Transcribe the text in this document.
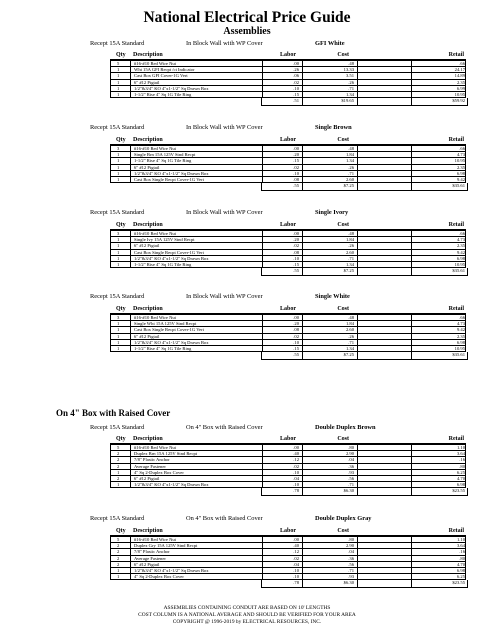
National Electrical Price Guide
Assemblies
On 4" Box with Raised Cover
Recept 15A Standard	In Block Wall with WP Cover	GFI White
Qty Description	Labor	Cost	Retail
5	#16-#10 Red Wire Nut	.00	.48	.66
1	Wht 15A GFI Recpt /ct Indicator	.26	13.33	24.17
1	Cast Box GFI Cover-1G Vert	.06	3.51	14.89
1	6" #12 Pigtail	.02	.26	2.35
1	1/2"&3/4" KO 4"x1-1/2" Sq Drawn Box	.10	.71	6.99
1	1-1/2" Rise 4" Sq 1G Tile Ring	.15	1.34	10.95
.51	$19.65	$59.92
Recept 15A Standard	In Block Wall with WP Cover	Single Brown
Qty Description	Labor	Cost	Retail
3	#16-#10 Red Wire Nut	.00	.48	.66
1	Single Brn 15A 125V Stnd Recpt	.20	1.84	4.73
1	1-1/2" Rise 4" Sq 1G Tile Ring	.15	1.34	10.95
1	6" #12 Pigtail	.02	.26	2.35
1	1/2"&3/4" KO 4"x1-1/2" Sq Drawn Box	.10	.71	6.98
1	Cast Box Single Recpt Cover-1G Vert	.08	2.60	9.42
.55	$7.25	$35.61
Recept 15A Standard	In Block Wall with WP Cover	Single Ivory
Qty Description	Labor	Cost	Retail
3	#16-#10 Red Wire Nut	.00	.48	.66
1	Single Ivy 15A 125V Stnd Recpt	.20	1.84	4.73
1	6" #12 Pigtail	.02	.26	2.35
1	Cast Box Single Recpt Cover-1G Vert	.08	2.60	9.42
1	1/2"&3/4" KO 4"x1-1/2" Sq Drawn Box	.10	.71	6.98
1	1-1/2" Rise 4" Sq 1G Tile Ring	.15	1.34	10.95
.55	$7.25	$35.61
Recept 15A Standard	In Block Wall with WP Cover	Single White
Qty Description	Labor	Cost	Retail
3	#16-#10 Red Wire Nut	.00	.48	.66
1	Single Wht 15A 125V Stnd Recpt	.20	1.84	4.73
1	Cast Box Single Recpt Cover-1G Vert	.08	2.60	9.42
1	6" #12 Pigtail	.02	.26	2.35
1	1/2"&3/4" KO 4"x1-1/2" Sq Drawn Box	.10	.71	6.98
1	1-1/2" Rise 4" Sq 1G Tile Ring	.15	1.34	10.95
.55	$7.25	$35.61
Recept 15A Standard	On 4" Box with Raised Cover	Double Duplex Brown
Qty Description	Labor	Cost	Retail
5	#16-#10 Red Wire Nut	.00	.80	1.10
2	Duplex Brn 15A 125V Stnd Recpt	.40	2.90	3.64
2	7/8" Plastic Anchor	.12	.04	.16
2	Average Fastener	.02	.36	.80
1	4" Sq 2-Duplex Box Cover	.10	.93	6.25
2	6" #12 Pigtail	.04	.56	4.70
1	1/2"&3/4" KO 4"x1-1/2" Sq Drawn Box	.10	.71	6.98
.78	$6.30	$23.55
Recept 15A Standard	On 4" Box with Raised Cover	Double Duplex Gray
Qty Description	Labor	Cost	Retail
5	#16-#10 Red Wire Nut	.00	.80	1.10
2	Duplex Gry 15A 125V Stnd Recpt	.40	2.90	3.64
2	7/8" Plastic Anchor	.12	.04	.16
2	Average Fastener	.02	.36	.80
2	6" #12 Pigtail	.04	.56	4.70
1	1/2"&3/4" KO 4"x1-1/2" Sq Drawn Box	.10	.71	6.98
1	4" Sq 2-Duplex Box Cover	.10	.93	6.25
.78	$6.30	$23.55
ASSEMBLIES CONTAINING CONDUIT ARE BASED ON 10' LENGTHS
COST COLUMN IS A NATIONAL AVERAGE AND SHOULD BE VERIFIED FOR YOUR AREA
COPYRIGHT @ 1996-2019 by ELECTRICAL RESOURCES, INC.
